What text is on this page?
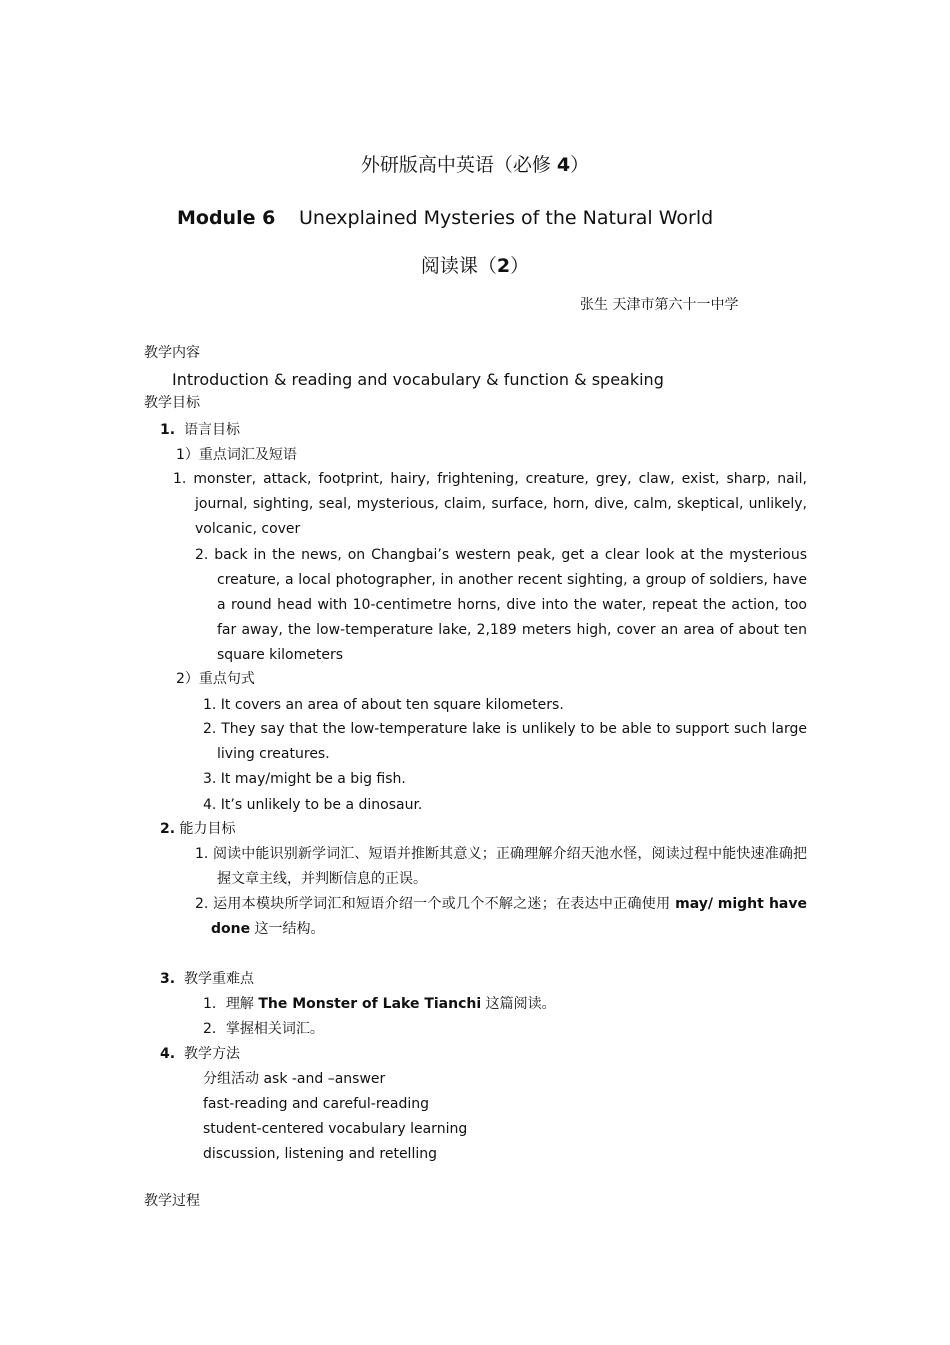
外研版高中英语（必修 4）
Module 6 Unexplained Mysteries of the Natural World
阅读课（2）
张生 天津市第六十一中学
教学内容
Introduction & reading and vocabulary & function & speaking
教学目标
1. 语言目标
1）重点词汇及短语
1. monster, attack, footprint, hairy, frightening, creature, grey, claw, exist, sharp, nail, journal, sighting, seal, mysterious, claim, surface, horn, dive, calm, skeptical, unlikely, volcanic, cover
2. back in the news, on Changbai’s western peak, get a clear look at the mysterious creature, a local photographer, in another recent sighting, a group of soldiers, have a round head with 10-centimetre horns, dive into the water, repeat the action, too far away, the low-temperature lake, 2,189 meters high, cover an area of about ten square kilometers
2）重点句式
1. It covers an area of about ten square kilometers.
2. They say that the low-temperature lake is unlikely to be able to support such large living creatures.
3. It may/might be a big fish.
4. It’s unlikely to be a dinosaur.
2. 能力目标
1. 阅读中能识别新学词汇、短语并推断其意义；正确理解介绍天池水怪，阅读过程中能快速准确把握文章主线，并判断信息的正误。
2. 运用本模块所学词汇和短语介绍一个或几个不解之迷；在表达中正确使用 may/ might have done 这一结构。
3. 教学重难点
1．理解 The Monster of Lake Tianchi 这篇阅读。
2．掌握相关词汇。
4. 教学方法
分组活动 ask -and –answer
fast-reading and careful-reading
student-centered vocabulary learning
discussion, listening and retelling
教学过程
